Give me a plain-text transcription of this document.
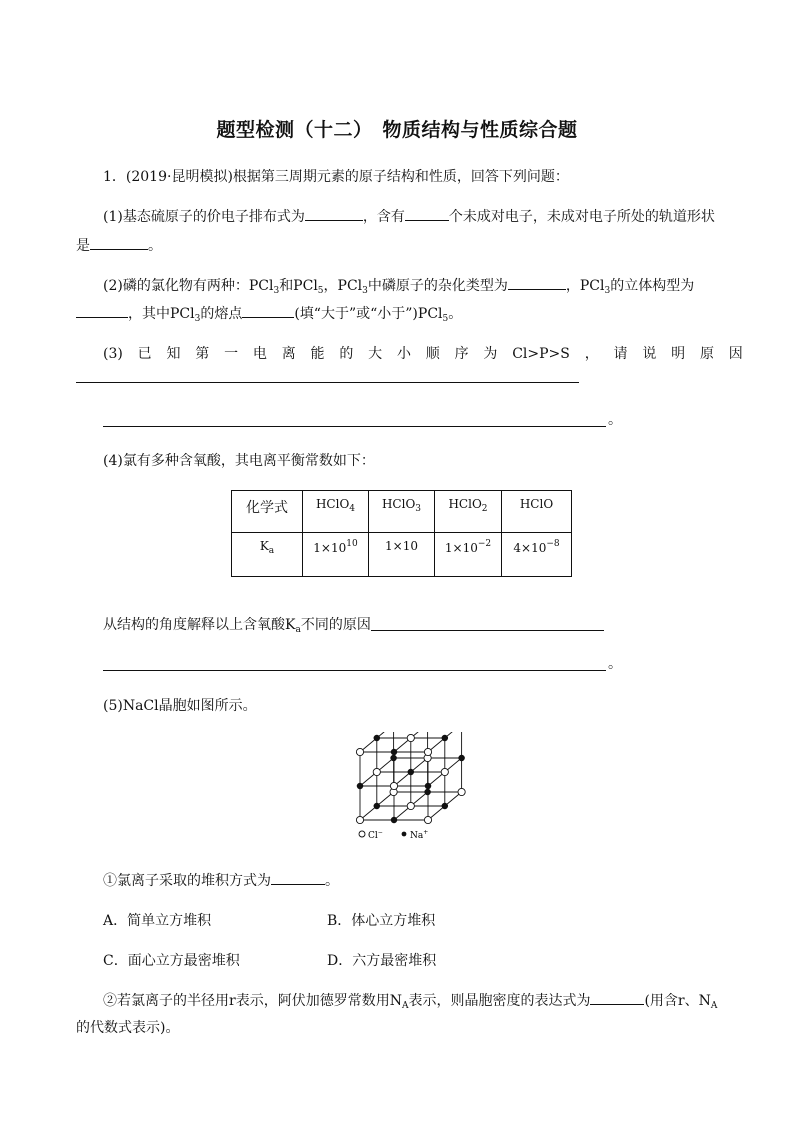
题型检测（十二）　物质结构与性质综合题
1．(2019·昆明模拟)根据第三周期元素的原子结构和性质，回答下列问题：
(1)基态硫原子的价电子排布式为	，含有	个未成对电子，未成对电子所处的轨道形状
是	。
(2)磷的氯化物有两种：PCl$_3$和PCl$_5$，PCl$_3$中磷原子的杂化类型为	，PCl$_3$的立体构型为
，其中PCl$_3$的熔点	(填“大于”或“小于”)PCl$_5$。
(3) 已 知 第 一 电 离 能 的 大 小 顺 序 为 Cl>P>S ， 请 说 明 原 因
。
(4)氯有多种含氧酸，其电离平衡常数如下：
化学式	HClO$_4$	HClO$_3$	HClO$_2$	HClO
$K_a$	$1\times 10^{10}$	1×10	$1\times 10^{-2}$	$4\times 10^{-8}$
从结构的角度解释以上含氧酸$K_a$不同的原因
。
(5)NaCl晶胞如图所示。
Cl−	Na+
①氯离子采取的堆积方式为	。
A．简单立方堆积	B．体心立方堆积
C．面心立方最密堆积	D．六方最密堆积
②若氯离子的半径用r表示，阿伏加德罗常数用$N_A$表示，则晶胞密度的表达式为	(用含r、$N_A$
的代数式表示)。
